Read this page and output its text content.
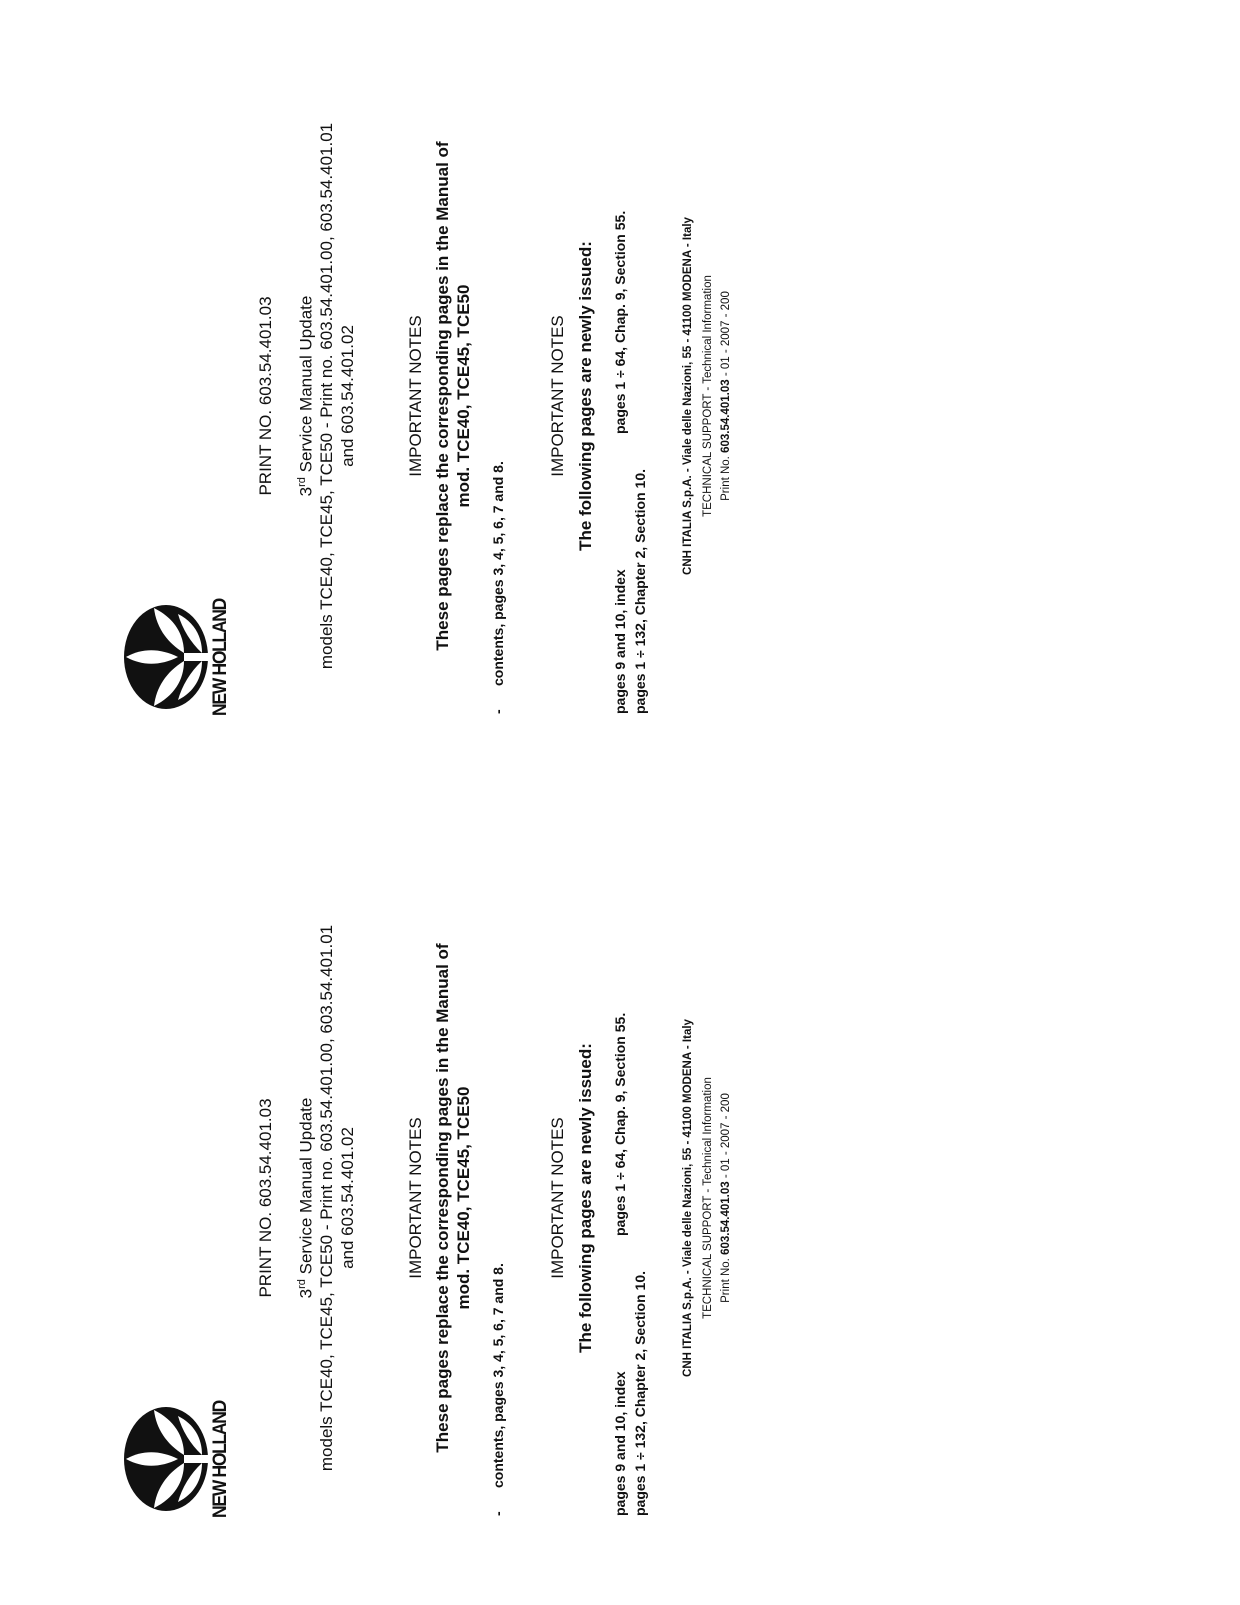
NEW HOLLAND
PRINT NO. 603.54.401.03 3rd Service Manual Update models TCE40, TCE45, TCE50 - Print no. 603.54.401.00, 603.54.401.01 and 603.54.401.02	IMPORTANT NOTES These pages replace the corresponding pages in the Manual of mod. TCE40, TCE45, TCE50
-contents, pages 3, 4, 5, 6, 7 and 8.
IMPORTANT NOTES The following pages are newly issued:
pages 9 and 10, index
pages 1 ÷ 64, Chap. 9, Section 55.
pages 1 ÷ 132, Chapter 2, Section 10.
CNH ITALIA S.p.A. - Viale delle Nazioni, 55 - 41100 MODENA - Italy TECHNICAL SUPPORT - Technical Information Print No. 603.54.401.03 - 01 - 2007 - 200
NEW HOLLAND
PRINT NO. 603.54.401.03 3rd Service Manual Update models TCE40, TCE45, TCE50 - Print no. 603.54.401.00, 603.54.401.01 and 603.54.401.02	IMPORTANT NOTES These pages replace the corresponding pages in the Manual of mod. TCE40, TCE45, TCE50
-contents, pages 3, 4, 5, 6, 7 and 8.
IMPORTANT NOTES The following pages are newly issued:
pages 9 and 10, index
pages 1 ÷ 64, Chap. 9, Section 55.
pages 1 ÷ 132, Chapter 2, Section 10.
CNH ITALIA S.p.A. - Viale delle Nazioni, 55 - 41100 MODENA - Italy TECHNICAL SUPPORT - Technical Information Print No. 603.54.401.03 - 01 - 2007 - 200
